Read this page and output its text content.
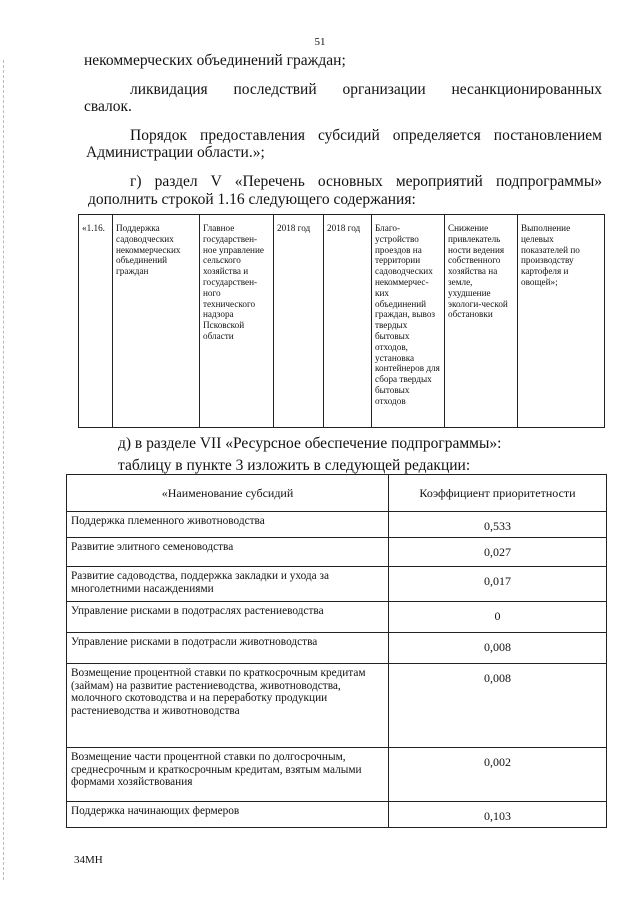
51
некоммерческих объединений граждан;
ликвидация последствий организации несанкционированных
свалок.
Порядок предоставления субсидий определяется постановлением
Администрации области.»;
г) раздел V «Перечень основных мероприятий подпрограммы»
дополнить строкой 1.16 следующего содержания:
«1.16.	Поддержка садоводческих некоммерческих объединений граждан	Главное государствен-ное управление сельского хозяйства и государствен-ного технического надзора Псковской области	2018 год	2018 год	Благо-устройство проездов на территории садоводческих некоммерчес-ких объединений граждан, вывоз твердых бытовых отходов, установка контейнеров для сбора твердых бытовых отходов	Снижение привлекатель ности ведения собственного хозяйства на земле, ухудшение экологи-ческой обстановки	Выполнение целевых показателей по производству картофеля и овощей»;
д) в разделе VII «Ресурсное обеспечение подпрограммы»:
таблицу в пункте 3 изложить в следующей редакции:
«Наименование субсидий	Коэффициент приоритетности
Поддержка племенного животноводства	0,533
Развитие элитного семеноводства	0,027
Развитие садоводства, поддержка закладки и ухода за многолетними насаждениями	0,017
Управление рисками в подотраслях растениеводства	0
Управление рисками в подотрасли животноводства	0,008
Возмещение процентной ставки по краткосрочным кредитам (займам) на развитие растениеводства, животноводства, молочного скотоводства и на переработку продукции растениеводства и животноводства	0,008
Возмещение части процентной ставки по долгосрочным, среднесрочным и краткосрочным кредитам, взятым малыми формами хозяйствования	0,002
Поддержка начинающих фермеров	0,103
34МН
